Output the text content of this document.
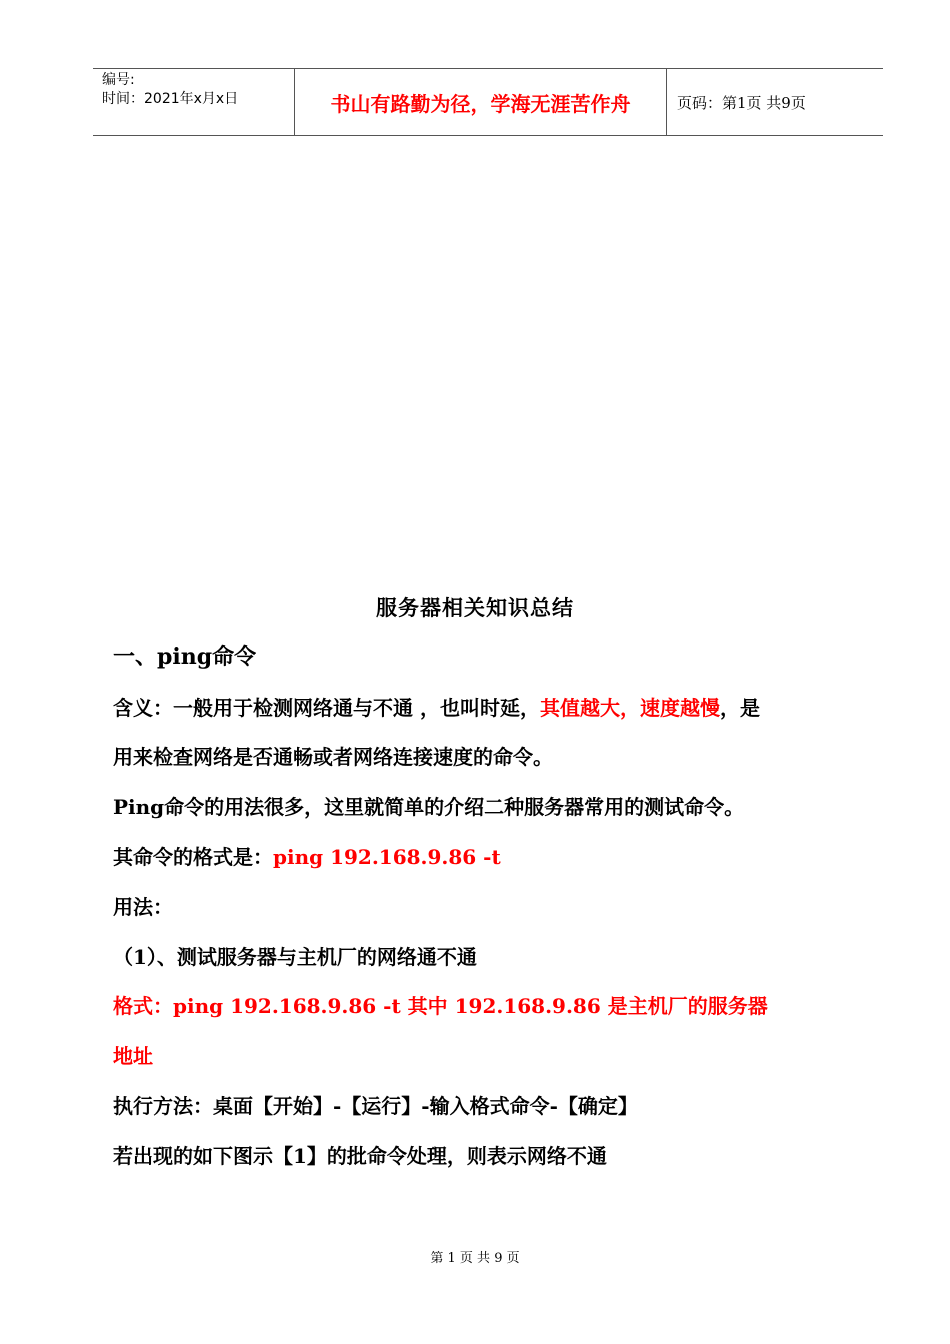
编号:
时间：2021年x月x日	书山有路勤为径，学海无涯苦作舟	页码：第1页 共9页
服务器相关知识总结
一、ping命令
含义：一般用于检测网络通与不通 ，也叫时延，其值越大，速度越慢，是
用来检查网络是否通畅或者网络连接速度的命令。
Ping命令的用法很多，这里就简单的介绍二种服务器常用的测试命令。
其命令的格式是：ping 192.168.9.86 -t
用法：
（1）、测试服务器与主机厂的网络通不通
格式：ping 192.168.9.86 -t 其中 192.168.9.86 是主机厂的服务器
地址
执行方法：桌面【开始】-【运行】-输入格式命令-【确定】
若出现的如下图示【1】的批命令处理，则表示网络不通
第 1 页 共 9 页
